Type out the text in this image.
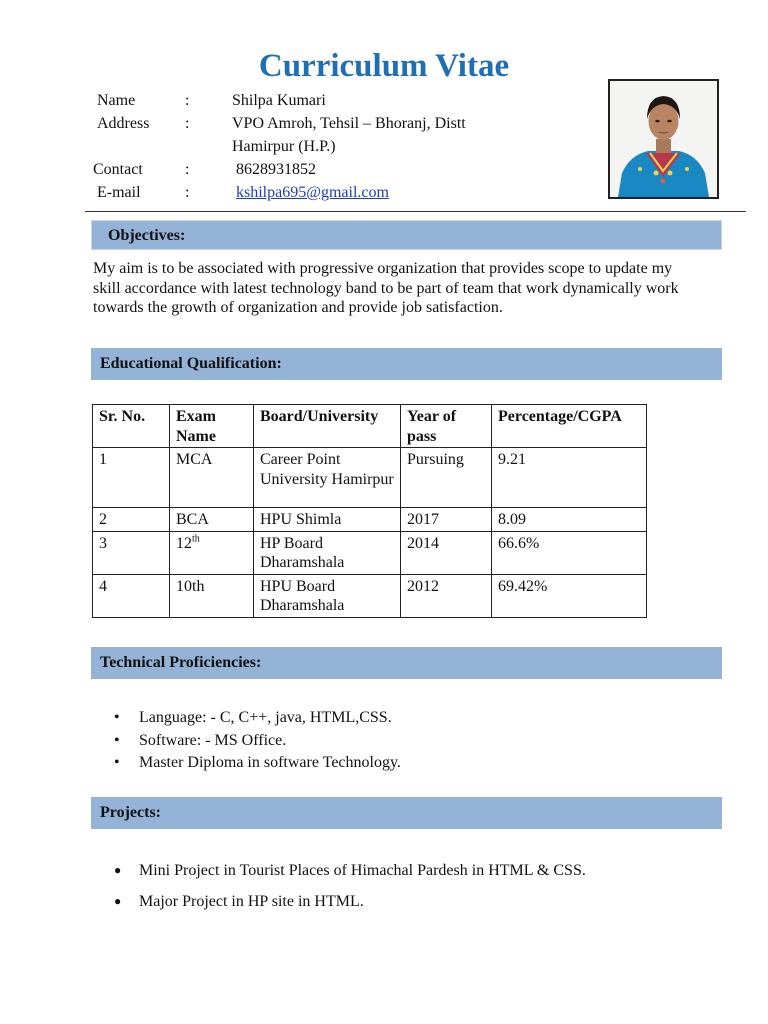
Curriculum Vitae
Name	:	Shilpa Kumari
Address :	VPO Amroh, Tehsil – Bhoranj, Distt
Hamirpur (H.P.)
Contact	:	8628931852
E-mail	:	kshilpa695@gmail.com
Objectives:
My aim is to be associated with progressive organization that provides scope to update my skill accordance with latest technology band to be part of team that work dynamically work towards the growth of organization and provide job satisfaction.
Educational Qualification:
Sr. No.	Exam Name	Board/University	Year of pass	Percentage/CGPA
1	MCA	Career Point University Hamirpur	Pursuing	9.21
2	BCA	HPU Shimla	2017	8.09
3	12th	HP Board Dharamshala	2014	66.6%
4	10th	HPU Board Dharamshala	2012	69.42%
Technical Proficiencies:
• Language: - C, C++, java, HTML,CSS.
• Software: - MS Office.
• Master Diploma in software Technology.
Projects:
● Mini Project in Tourist Places of Himachal Pardesh in HTML & CSS.
● Major Project in HP site in HTML.
